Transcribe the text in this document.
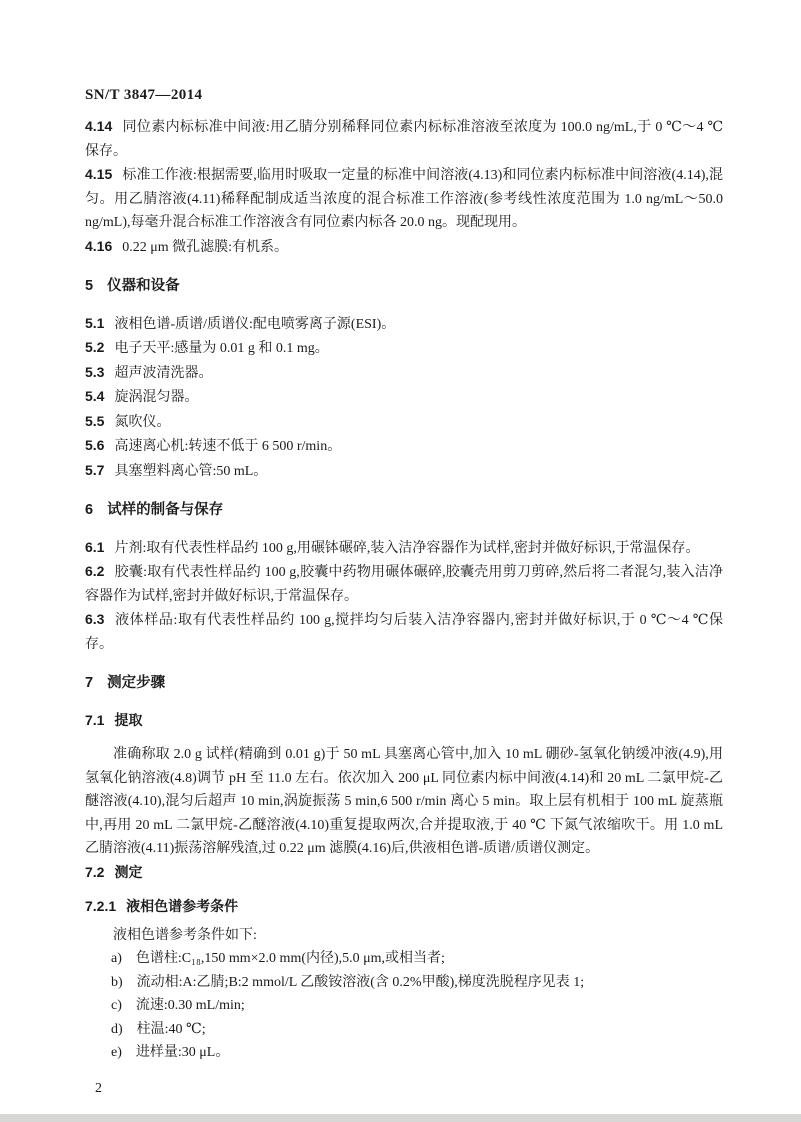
SN/T 3847—2014

4.14 同位素内标标准中间液:用乙腈分别稀释同位素内标标准溶液至浓度为 100.0 ng/mL,于 0 ℃～4 ℃保存。

4.15 标准工作液:根据需要,临用时吸取一定量的标准中间溶液(4.13)和同位素内标标准中间溶液(4.14),混匀。用乙腈溶液(4.11)稀释配制成适当浓度的混合标准工作溶液(参考线性浓度范围为 1.0 ng/mL～50.0 ng/mL),每毫升混合标准工作溶液含有同位素内标各 20.0 ng。现配现用。

4.16 0.22 μm 微孔滤膜:有机系。

5 仪器和设备

5.1 液相色谱-质谱/质谱仪:配电喷雾离子源(ESI)。

5.2 电子天平:感量为 0.01 g 和 0.1 mg。

5.3 超声波清洗器。

5.4 旋涡混匀器。

5.5 氮吹仪。

5.6 高速离心机:转速不低于 6 500 r/min。

5.7 具塞塑料离心管:50 mL。

6 试样的制备与保存

6.1 片剂:取有代表性样品约 100 g,用碾钵碾碎,装入洁净容器作为试样,密封并做好标识,于常温保存。

6.2 胶囊:取有代表性样品约 100 g,胶囊中药物用碾体碾碎,胶囊壳用剪刀剪碎,然后将二者混匀,装入洁净容器作为试样,密封并做好标识,于常温保存。

6.3 液体样品:取有代表性样品约 100 g,搅拌均匀后装入洁净容器内,密封并做好标识,于 0 ℃～4 ℃保存。

7 测定步骤
7.1 提取

准确称取 2.0 g 试样(精确到 0.01 g)于 50 mL 具塞离心管中,加入 10 mL 硼砂-氢氧化钠缓冲液(4.9),用氢氧化钠溶液(4.8)调节 pH 至 11.0 左右。依次加入 200 μL 同位素内标中间液(4.14)和 20 mL 二氯甲烷-乙醚溶液(4.10),混匀后超声 10 min,涡旋振荡 5 min,6 500 r/min 离心 5 min。取上层有机相于 100 mL 旋蒸瓶中,再用 20 mL 二氯甲烷-乙醚溶液(4.10)重复提取两次,合并提取液,于 40 ℃ 下氮气浓缩吹干。用 1.0 mL 乙腈溶液(4.11)振荡溶解残渣,过 0.22 μm 滤膜(4.16)后,供液相色谱-质谱/质谱仪测定。

7.2 测定
7.2.1 液相色谱参考条件

液相色谱参考条件如下:

a) 色谱柱:C₁₈,150 mm×2.0 mm(内径),5.0 μm,或相当者;

b) 流动相:A:乙腈;B:2 mmol/L 乙酸铵溶液(含 0.2%甲酸),梯度洗脱程序见表 1;

c) 流速:0.30 mL/min;

d) 柱温:40 ℃;

e) 进样量:30 μL。

2
